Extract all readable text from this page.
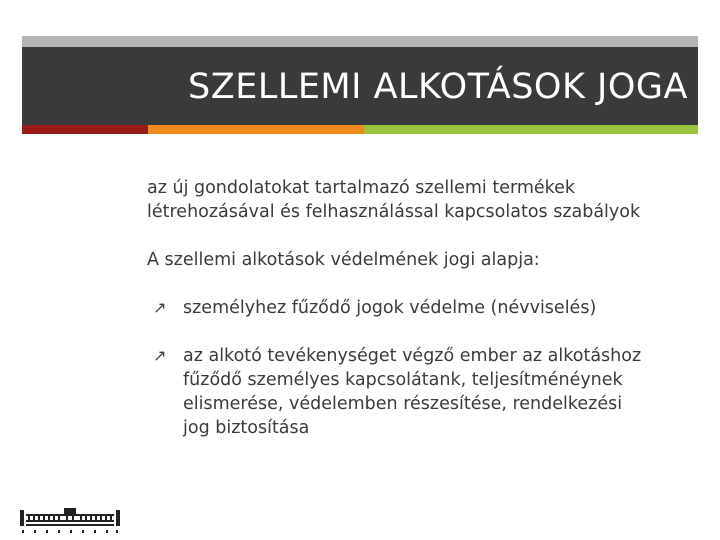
SZELLEMI ALKOTÁSOK JOGA

az új gondolatokat tartalmazó szellemi termékek
létrehozásával és felhasználással kapcsolatos szabályok

A szellemi alkotások védelmének jogi alapja:

↗ személyhez fűződő jogok védelme (névviselés)
↗ az alkotó tevékenységet végző ember az alkotáshoz
fűződő személyes kapcsolátank, teljesítménéynek
elismerése, védelemben részesítése, rendelkezési
jog biztosítása
